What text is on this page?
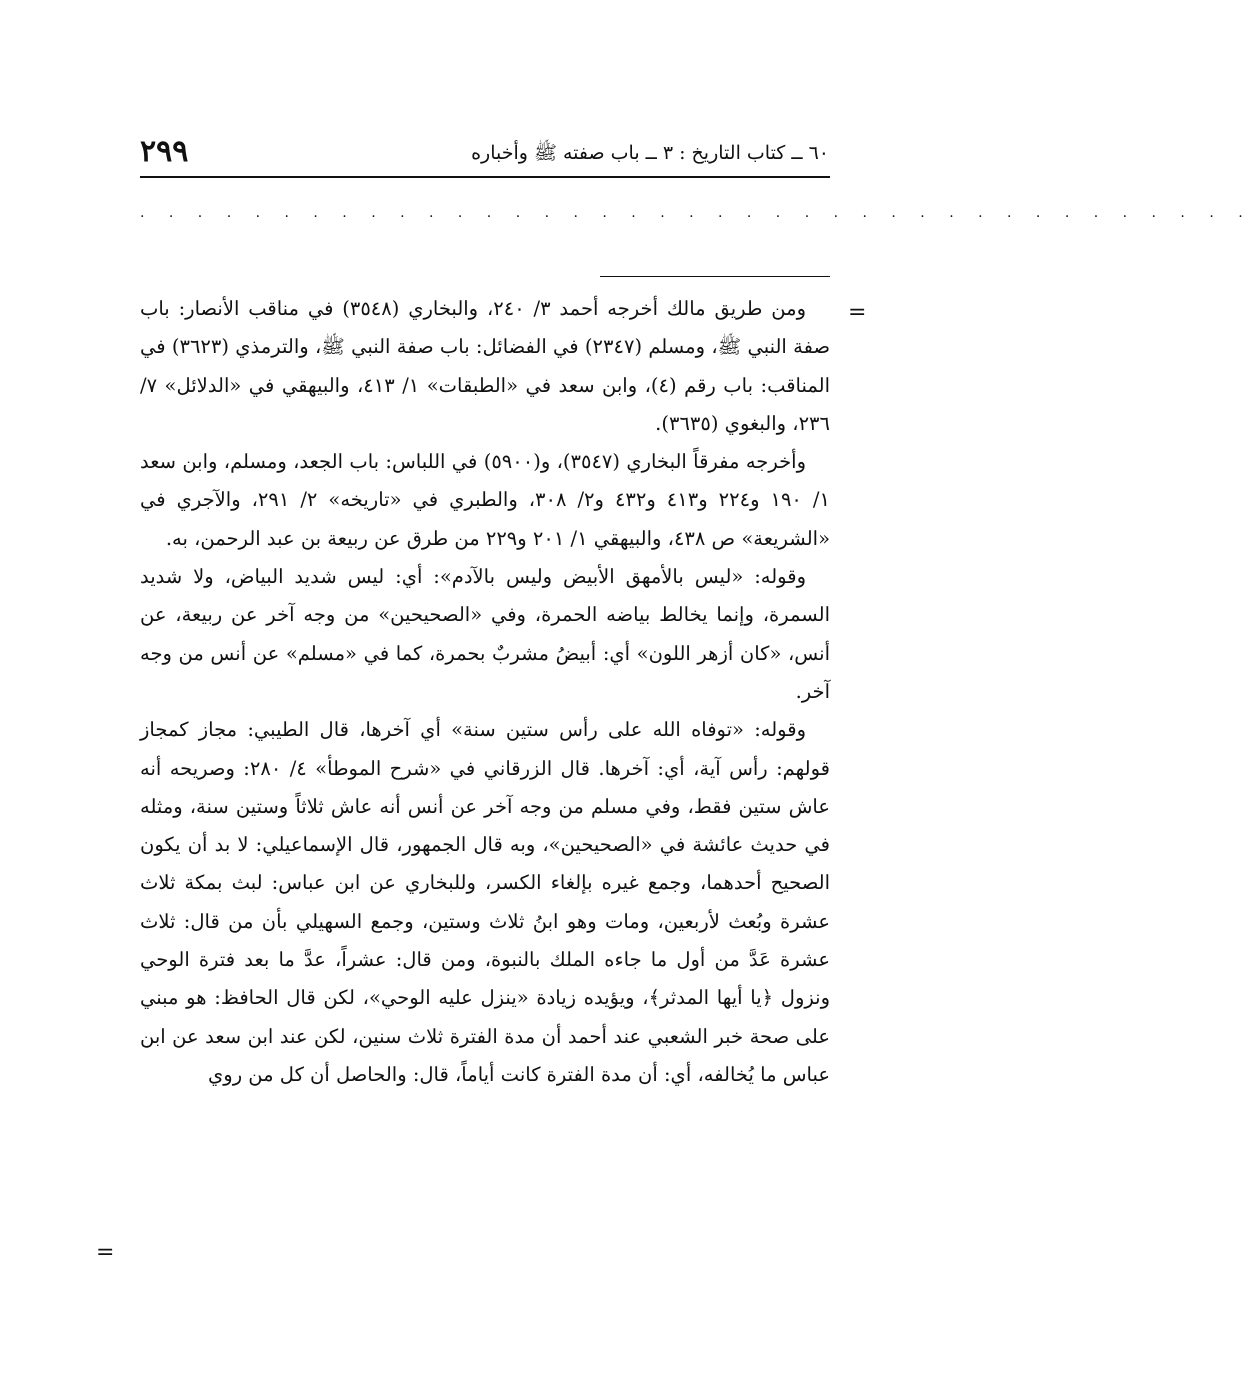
٢٩٩	٦٠ ــ كتاب التاريخ : ٣ ــ باب صفته ﷺ وأخباره
. . . . . . . . . . . . . . . . . . . . . . . . . . . . . . . . . . . . . . .
=

ومن طريق مالك أخرجه أحمد ٣/ ٢٤٠، والبخاري (٣٥٤٨) في مناقب الأنصار: باب صفة النبي ﷺ، ومسلم (٢٣٤٧) في الفضائل: باب صفة النبي ﷺ، والترمذي (٣٦٢٣) في المناقب: باب رقم (٤)، وابن سعد في «الطبقات» ١/ ٤١٣، والبيهقي في «الدلائل» ٧/ ٢٣٦، والبغوي (٣٦٣٥).

وأخرجه مفرقاً البخاري (٣٥٤٧)، و(٥٩٠٠) في اللباس: باب الجعد، ومسلم، وابن سعد ١/ ١٩٠ و٢٢٤ و٤١٣ و٤٣٢ و٢/ ٣٠٨، والطبري في «تاريخه» ٢/ ٢٩١، والآجري في «الشريعة» ص ٤٣٨، والبيهقي ١/ ٢٠١ و٢٢٩ من طرق عن ربيعة بن عبد الرحمن، به.

وقوله: «ليس بالأمهق الأبيض وليس بالآدم»: أي: ليس شديد البياض، ولا شديد السمرة، وإنما يخالط بياضه الحمرة، وفي «الصحيحين» من وجه آخر عن ربيعة، عن أنس، «كان أزهر اللون» أي: أبيضُ مشربٌ بحمرة، كما في «مسلم» عن أنس من وجه آخر.

وقوله: «توفاه الله على رأس ستين سنة» أي آخرها، قال الطيبي: مجاز كمجاز قولهم: رأس آية، أي: آخرها. قال الزرقاني في «شرح الموطأ» ٤/ ٢٨٠: وصريحه أنه عاش ستين فقط، وفي مسلم من وجه آخر عن أنس أنه عاش ثلاثاً وستين سنة، ومثله في حديث عائشة في «الصحيحين»، وبه قال الجمهور، قال الإسماعيلي: لا بد أن يكون الصحيح أحدهما، وجمع غيره بإلغاء الكسر، وللبخاري عن ابن عباس: لبث بمكة ثلاث عشرة وبُعث لأربعين، ومات وهو ابنُ ثلاث وستين، وجمع السهيلي بأن من قال: ثلاث عشرة عَدَّ من أول ما جاءه الملك بالنبوة، ومن قال: عشراً، عدَّ ما بعد فترة الوحي ونزول ﴿يا أيها المدثر﴾، ويؤيده زيادة «ينزل عليه الوحي»، لكن قال الحافظ: هو مبني على صحة خبر الشعبي عند أحمد أن مدة الفترة ثلاث سنين، لكن عند ابن سعد عن ابن عباس ما يُخالفه، أي: أن مدة الفترة كانت أياماً، قال: والحاصل أن كل من روي

=
